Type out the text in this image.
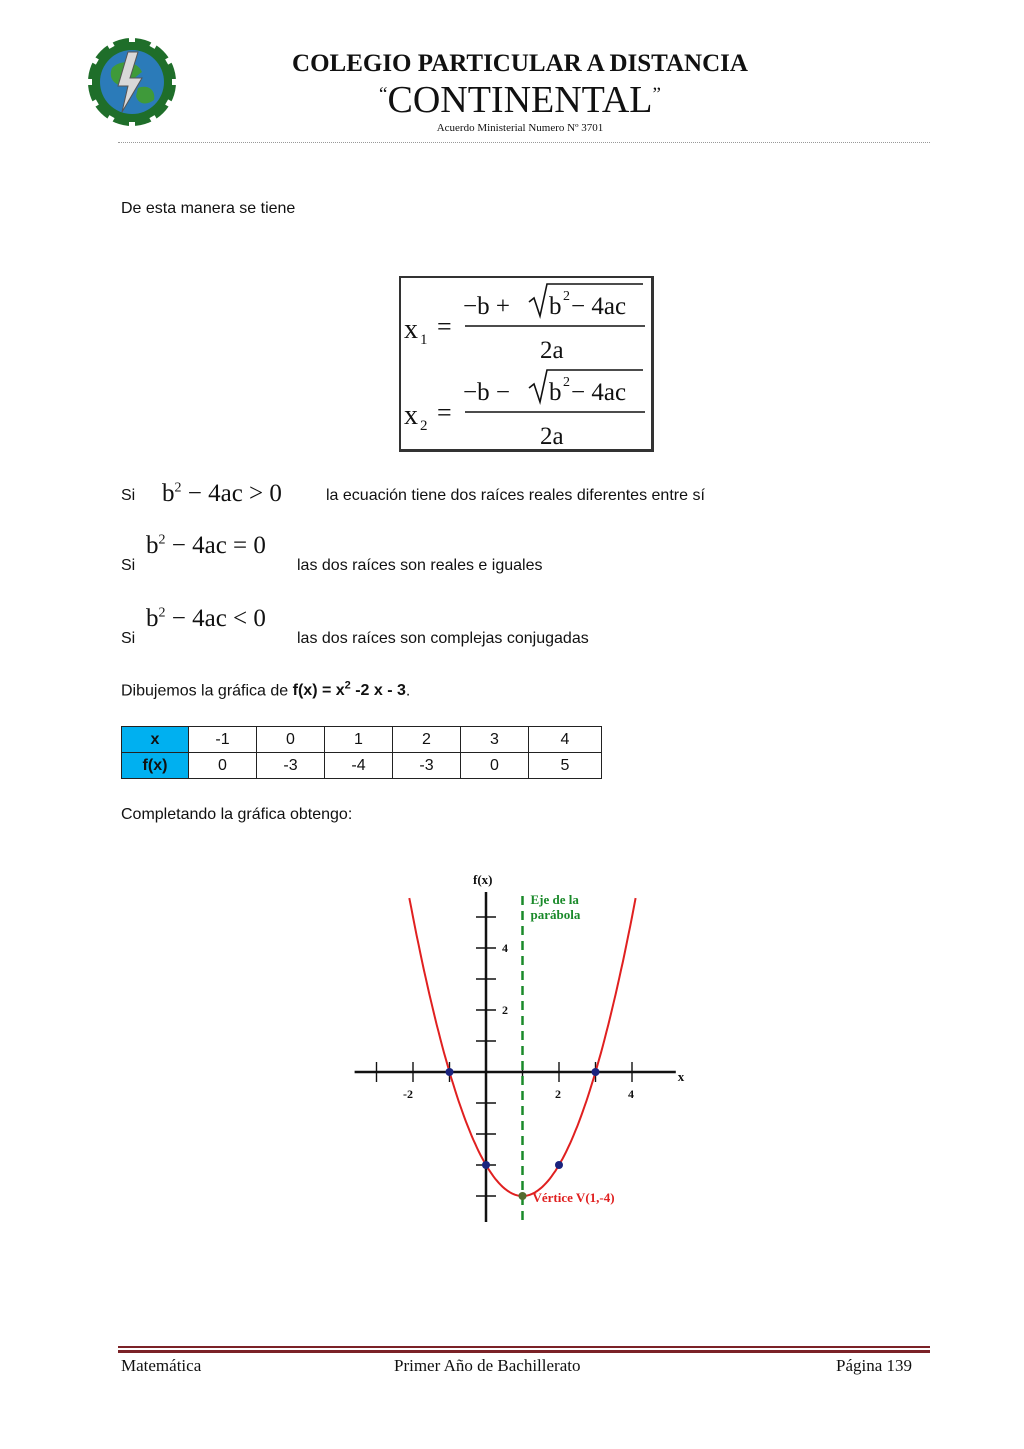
COLEGIO PARTICULAR A DISTANCIA
“CONTINENTAL”
Acuerdo Ministerial Numero Nº 3701
De esta manera se tiene
x 1 =
−b + b 2 − 4ac
2a
x 2 =
−b − b 2 − 4ac
2a
Si $b^2 - 4ac > 0$	la ecuación tiene dos raíces reales diferentes entre sí
Si
$b^2 - 4ac = 0$
las dos raíces son reales e iguales
Si
$b^2 - 4ac < 0$
las dos raíces son complejas conjugadas
Dibujemos la gráfica de $f(x) = x^2$ -2 x - 3.
x	-1	0	1	2	3	4
f(x)	0	-3	-4	-3	0	5
Completando la gráfica obtengo:
-2	2	4
2
4
f(x)
x
Eje de la
parábola
Vértice V(1,-4)
Matemática	Primer Año de Bachillerato	Página 139
